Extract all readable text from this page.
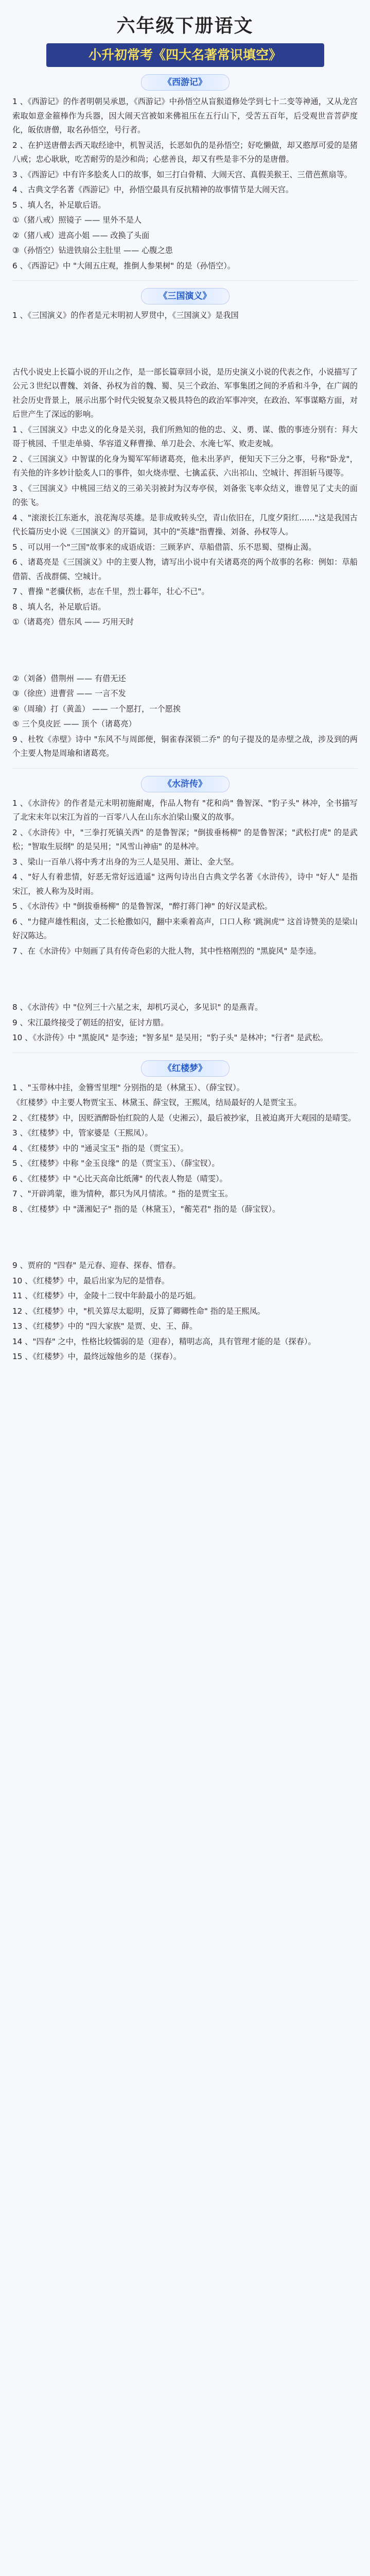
六年级下册语文
小升初常考《四大名著常识填空》
《西游记》

1 、《西游记》的作者明朝吴承恩，《西游记》中孙悟空从盲猴道修处学到七十二变等神通，又从龙宫索取如意金箍棒作为兵器，因大闹天宫被如来佛祖压在五行山下，受苦五百年，后受观世音菩萨度化，皈依唐僧，取名孙悟空，号行者。

2 、在护送唐僧去西天取经途中，机智灵活，长恶如仇的是孙悟空；好吃懒做，却又憨厚可爱的是猪八戒；忠心耿耿，吃苦耐劳的是沙和尚；心慈善良，却又有些是非不分的是唐僧。

3 、《西游记》中有许多脍炙人口的故事，如三打白骨精、大闹天宫、真假美猴王、三借芭蕉扇等。

4 、古典文学名著《西游记》中，孙悟空最具有反抗精神的故事情节是大闹天宫。

5 、填人名，补足歇后语。

①（猪八戒）照镜子 —— 里外不是人

②（猪八戒）进高小姐 —— 改换了头面

③（孙悟空）钻进铁扇公主肚里 —— 心腹之患

6 、《西游记》中 "大闹五庄观，推倒人参果树" 的是（孙悟空）。

《三国演义》

1 、《三国演义》的作者是元末明初人罗贯中，《三国演义》是我国

古代小说史上长篇小说的开山之作，是一部长篇章回小说，是历史演义小说的代表之作，小说描写了公元３世纪以曹魏、刘备、孙权为首的魏、蜀、吴三个政治、军事集团之间的矛盾和斗争，在广阔的社会历史背景上，展示出那个时代尖锐复杂又极具特色的政治军事冲突，在政治、军事谋略方面，对后世产生了深远的影响。

1 、《三国演义》中忠义的化身是关羽，我们所熟知的他的忠、义、勇、谋、傲的事迹分别有：拜大哥于桃园、千里走单骑、华容道义释曹操、单刀赴会、水淹七军、败走麦城。

2 、《三国演义》中智谋的化身为蜀军军师诸葛亮，他未出茅庐，便知天下三分之事，号称"卧龙"，有关他的许多妙计脍炙人口的事件，如火烧赤壁、七擒孟获、六出祁山、空城计、挥泪斩马谡等。

3 、《三国演义》中桃园三结义的三弟关羽被封为汉寿亭侯，刘备张飞率众结义，谁曾见了丈夫的面的张飞。

4 、"滚滚长江东逝水，浪花淘尽英雄。是非成败转头空，青山依旧在，几度夕阳红……"这是我国古代长篇历史小说《三国演义》的开篇词，其中的"英雄"指曹操、刘备、孙权等人。

5 、可以用一个"三国"故事来的成语成语：三顾茅庐、草船借箭、乐不思蜀、望梅止渴。

6 、诸葛亮是《三国演义》中的主要人物，请写出小说中有关诸葛亮的两个故事的名称：例如：草船借箭、舌战群儒、空城计。

7 、曹操 "老骥伏枥，志在千里，烈士暮年，壮心不已"。

8 、填人名，补足歇后语。

①（诸葛亮）借东风 —— 巧用天时

②（刘备）借荆州 —— 有借无还

③（徐庶）进曹营 —— 一言不发

④（周瑜）打（黄盖） —— 一个愿打，一个愿挨

⑤ 三个臭皮匠 —— 顶个（诸葛亮）

9 、杜牧《赤壁》诗中 "东风不与周郎便，铜雀春深锁二乔" 的句子提及的是赤壁之战，涉及到的两个主要人物是周瑜和诸葛亮。

《水浒传》

1 、《水浒传》的作者是元末明初施耐庵，作品人物有 "花和尚" 鲁智深、"豹子头" 林冲，全书描写了北宋末年以宋江为首的一百零八人在山东水泊梁山聚义的故事。

2 、《水浒传》中，"三拳打死镇关西" 的是鲁智深；"倒拔垂杨柳" 的是鲁智深；"武松打虎" 的是武松；"智取生辰纲" 的是吴用；"风雪山神庙" 的是林冲。

3 、梁山一百单八将中秀才出身的为三人是吴用、萧让、金大坚。

4 、"好人有着悲情，好恶无常好远逍遥" 这两句诗出自古典文学名著《水浒传》，诗中 "好人" 是指宋江，被人称为及时雨。

5 、《水浒传》中 "倒拔垂杨柳" 的是鲁智深，"醉打蒋门神" 的好汉是武松。

6 、"力健声雄性粗卤，丈二长枪撒如闪，翻中来乘着高声，口口人称 '跳涧虎'" 这首诗赞美的是梁山好汉陈达。

7 、在《水浒传》中刻画了具有传奇色彩的大批人物，其中性格刚烈的 "黑旋风" 是李逵。

8 、《水浒传》中 "位列三十六星之末，却机巧灵心，多见识" 的是燕青。

9 、宋江最终接受了朝廷的招安，征讨方腊。

10 、《水浒传》中 "黑旋风" 是李逵；"智多星" 是吴用；"豹子头" 是林冲；"行者" 是武松。

《红楼梦》

1 、"玉带林中挂，金簪雪里埋" 分别指的是（林黛玉）、（薛宝钗）。

《红楼梦》中主要人物贾宝玉、林黛玉、薛宝钗，王熙凤，结局最好的人是贾宝玉。

2 、《红楼梦》中，因贬酒醉卧怡红院的人是（史湘云），最后被抄家，且被迫离开大观园的是晴雯。

3 、《红楼梦》中，管家婆是（王熙凤）。

4 、《红楼梦》中的 "通灵宝玉" 指的是（贾宝玉）。

5 、《红楼梦》中称 "金玉良缘" 的是（贾宝玉）、（薛宝钗）。

6 、《红楼梦》中 "心比天高命比纸薄" 的代表人物是（晴雯）。

7 、"开辟鸿蒙，谁为情种，都只为风月情浓。" 指的是贾宝玉。

8 、《红楼梦》中 "潇湘妃子" 指的是（林黛玉），"蘅芜君" 指的是（薛宝钗）。

9 、贾府的 "四春" 是元春、迎春、探春、惜春。

10 、《红楼梦》中，最后出家为尼的是惜春。

11 、《红楼梦》中，金陵十二钗中年龄最小的是巧姐。

12 、《红楼梦》中，"机关算尽太聪明，反算了卿卿性命" 指的是王熙凤。

13 、《红楼梦》中的 "四大家族" 是贾、史、王、薛。

14 、"四春" 之中，性格比较懦弱的是（迎春），精明志高，具有管理才能的是（探春）。

15 、《红楼梦》中，最终远嫁他乡的是（探春）。
